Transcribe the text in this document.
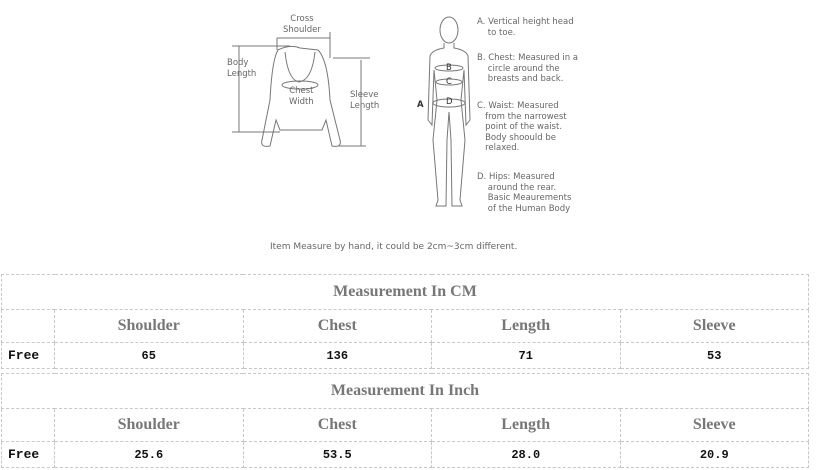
Cross
Shoulder
Body
Length
Chest
Width
Sleeve
Length	A
B
C
D
A. Vertical height head
to toe.
B. Chest: Measured in a
circle around the
breasts and back.
C. Waist: Measured
from the narrowest
point of the waist.
Body shoould be
relaxed.
D. Hips: Measured
around the rear.
Basic Meaurements
of the Human Body
Item Measure by hand, it could be 2cm~3cm different.
Measurement In CM				
	Shoulder	Chest	Length	Sleeve
Free	65	136	71	53
Measurement In Inch				
	Shoulder	Chest	Length	Sleeve
Free	25.6	53.5	28.0	20.9
